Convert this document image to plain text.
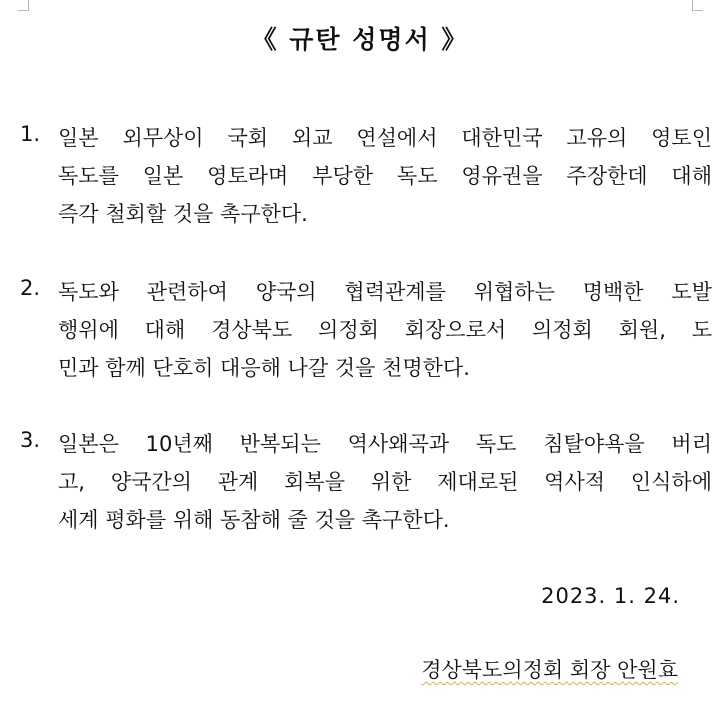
《 규탄 성명서 》
1. 일본 외무상이 국회 외교 연설에서 대한민국 고유의 영토인
독도를 일본 영토라며 부당한 독도 영유권을 주장한데 대해
즉각 철회할 것을 촉구한다.
2. 독도와 관련하여 양국의 협력관계를 위협하는 명백한 도발
행위에 대해 경상북도 의정회 회장으로서 의정회 회원, 도
민과 함께 단호히 대응해 나갈 것을 천명한다.
3. 일본은 10년째 반복되는 역사왜곡과 독도 침탈야욕을 버리
고, 양국간의 관계 회복을 위한 제대로된 역사적 인식하에
세계 평화를 위해 동참해 줄 것을 촉구한다.
2023. 1. 24.
경상북도의정회 회장 안원효
